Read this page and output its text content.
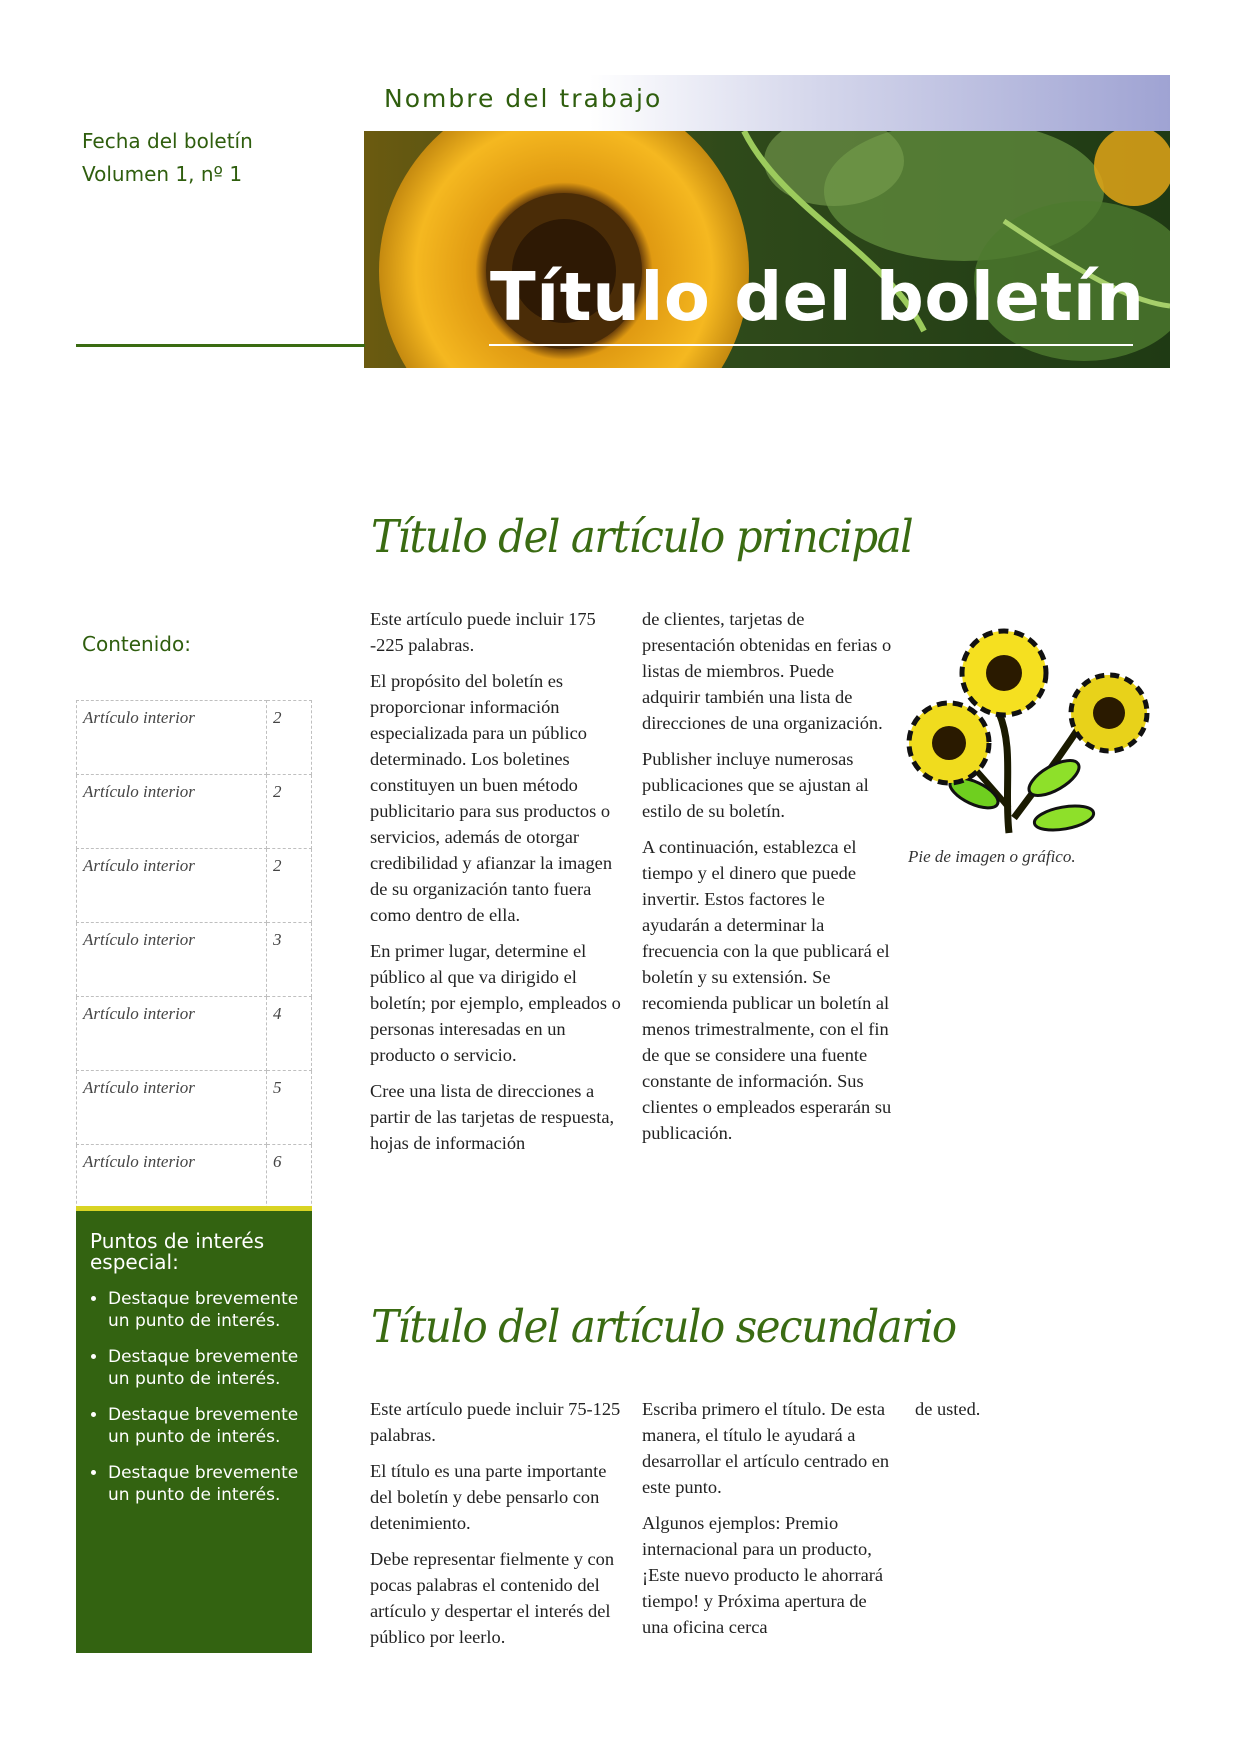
Nombre del trabajo
Fecha del boletín
Volumen 1, nº 1
Título del boletín
Título del artículo principal

Este artículo puede incluir 175 -225 palabras.

El propósito del boletín es proporcionar información especializada para un público determinado. Los boletines constituyen un buen método publicitario para sus productos o servicios, además de otorgar credibilidad y afianzar la imagen de su organización tanto fuera como dentro de ella.

En primer lugar, determine el público al que va dirigido el boletín; por ejemplo, empleados o personas interesadas en un producto o servicio.

Cree una lista de direcciones a partir de las tarjetas de respuesta, hojas de información

de clientes, tarjetas de presentación obtenidas en ferias o listas de miembros. Puede adquirir también una lista de direcciones de una organización.

Publisher incluye numerosas publicaciones que se ajustan al estilo de su boletín.

A continuación, establezca el tiempo y el dinero que puede invertir. Estos factores le ayudarán a determinar la frecuencia con la que publicará el boletín y su extensión. Se recomienda publicar un boletín al menos trimestralmente, con el fin de que se considere una fuente constante de información. Sus clientes o empleados esperarán su publicación.

Pie de imagen o gráfico.
Título del artículo secundario

Este artículo puede incluir 75-125 palabras.

El título es una parte importante del boletín y debe pensarlo con detenimiento.

Debe representar fielmente y con pocas palabras el contenido del artículo y despertar el interés del público por leerlo.

Escriba primero el título. De esta manera, el título le ayudará a desarrollar el artículo centrado en este punto.

Algunos ejemplos: Premio internacional para un producto, ¡Este nuevo producto le ahorrará tiempo! y Próxima apertura de una oficina cerca

de usted.

Contenido:
Artículo interior	2
Artículo interior	2
Artículo interior	2
Artículo interior	3
Artículo interior	4
Artículo interior	5
Artículo interior	6
Puntos de interés especial:
• Destaque brevemente un punto de interés.
• Destaque brevemente un punto de interés.
• Destaque brevemente un punto de interés.
• Destaque brevemente un punto de interés.
